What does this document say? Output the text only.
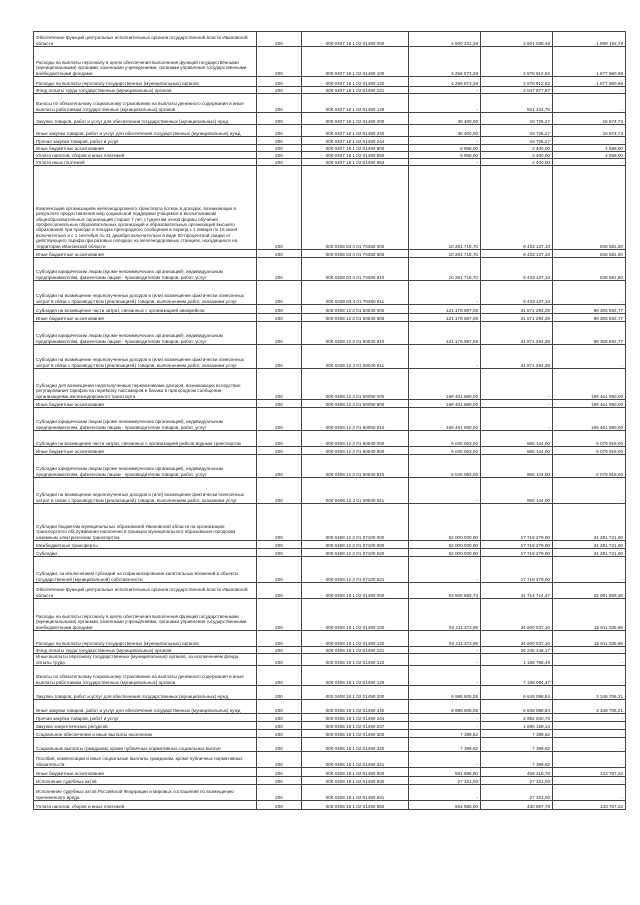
Обеспечение функций центральных исполнительных органов государственной власти Ивановской области	200	000 0407 18 1 02 01490 000	4 500 231,28	2 601 038,49	1 899 192,79
Расходы на выплаты персоналу в целях обеспечения выполнения функций государственными (муниципальными) органами, казенными учреждениями, органами управления государственными внебюджетными фондами	200	000 0407 18 1 02 01490 100	4 256 873,28	2 578 912,62	1 677 960,66
Расходы на выплаты персоналу государственных (муниципальных) органов	200	000 0407 18 1 02 01490 120	4 256 873,28	2 578 912,62	1 677 960,66
Фонд оплаты труда государственных (муниципальных) органов	200	000 0407 18 1 02 01490 121	-	2 047 677,87	-
Взносы по обязательному социальному страхованию на выплаты денежного содержания и иные выплаты работникам государственных (муниципальных) органов	200	000 0407 18 1 02 01490 129	-	531 234,75	-
Закупка товаров, работ и услуг для обеспечения государственных (муниципальных) нужд	200	000 0407 18 1 02 01490 200	36 400,00	19 725,27	16 674,73
Иные закупки товаров, работ и услуг для обеспечения государственных (муниципальных) нужд	200	000 0407 18 1 02 01490 240	36 400,00	19 725,27	16 674,73
Прочая закупка товаров, работ и услуг	200	000 0407 18 1 02 01490 244	-	19 725,27	-
Иные бюджетные ассигнования	200	000 0407 18 1 02 01490 800	6 958,00	2 400,00	4 558,00
Уплата налогов, сборов и иных платежей	200	000 0407 18 1 02 01490 850	6 958,00	2 400,00	4 558,00
Уплата иных платежей	200	000 0407 18 1 02 01490 853	-	2 400,00	-
Компенсация организациям железнодорожного транспорта потерь в доходах, возникающих в результате предоставления мер социальной поддержки учащимся и воспитанникам общеобразовательных организаций старше 7 лет, студентам очной формы обучения профессиональных образовательных организаций и образовательных организаций высшего образования при проезде в поездах пригородного сообщения в период с 1 января по 15 июня включительно и с 1 сентября по 31 декабря включительно в виде 50-процентной скидки от действующего тарифа при разовых поездках на железнодорожных станциях, находящихся на территории Ивановской области	200	000 0408 03 4 01 70380 000	10 281 718,70	9 433 137,10	848 581,60
Иные бюджетные ассигнования	200	000 0408 03 4 01 70380 800	10 281 718,70	9 433 137,10	848 581,60
Субсидии юридическим лицам (кроме некоммерческих организаций), индивидуальным предпринимателям, физическим лицам - производителям товаров, работ, услуг	200	000 0408 03 4 01 70380 810	10 281 718,70	9 433 137,10	848 581,60
Субсидии на возмещение недополученных доходов и (или) возмещение фактически понесенных затрат в связи с производством (реализацией) товаров, выполнением работ, оказанием услуг	200	000 0408 03 4 01 70380 811	-	9 433 137,10	-
Субсидия на возмещение части затрат, связанных с организацией авиарейсов	200	000 0408 12 2 01 60040 000	121 176 987,06	31 871 294,29	89 305 692,77
Иные бюджетные ассигнования	200	000 0408 12 2 01 60040 800	121 176 987,06	31 871 294,29	89 305 692,77
Субсидии юридическим лицам (кроме некоммерческих организаций), индивидуальным предпринимателям, физическим лицам - производителям товаров, работ, услуг	200	000 0408 12 2 01 60040 810	121 176 987,06	31 871 294,29	89 305 692,77
Субсидии на возмещение недополученных доходов и (или) возмещение фактически понесенных затрат в связи с производством (реализацией) товаров, выполнением работ, оказанием услуг	200	000 0408 12 2 01 60040 811	-	31 871 294,29	-
Субсидии для возмещения недополученных перевозчиками доходов, возникающих вследствие регулирования тарифов на перевозку пассажиров и багажа в пригородном сообщении, организациями железнодорожного транспорта	200	000 0408 12 2 01 60050 000	169 461 880,00	-	169 461 880,00
Иные бюджетные ассигнования	200	000 0408 12 2 01 60050 800	169 461 880,00	-	169 461 880,00
Субсидии юридическим лицам (кроме некоммерческих организаций), индивидуальным предпринимателям, физическим лицам - производителям товаров, работ, услуг	200	000 0408 12 2 01 60050 810	169 461 880,00	-	169 461 880,00
Субсидия на возмещение части затрат, связанных с организацией рейсов водным транспортом	200	000 0408 12 2 01 60540 000	6 045 063,00	965 144,00	5 079 919,00
Иные бюджетные ассигнования	200	000 0408 12 2 01 60540 800	6 045 063,00	965 144,00	5 079 919,00
Субсидии юридическим лицам (кроме некоммерческих организаций), индивидуальным предпринимателям, физическим лицам - производителям товаров, работ, услуг	200	000 0408 12 2 01 60540 810	6 045 063,00	965 144,00	5 079 919,00
Субсидии на возмещение недополученных доходов и (или) возмещение фактически понесенных затрат в связи с производством (реализацией) товаров, выполнением работ, оказанием услуг	200	000 0408 12 2 01 60540 811	-	965 144,00	-
Субсидии бюджетам муниципальных образований Ивановской области на организацию транспортного обслуживания населения в границах муниципального образования городским наземным электрическим транспортом	200	000 0408 12 2 01 87100 000	52 000 000,00	17 718 279,00	34 281 721,00
Межбюджетные трансферты	200	000 0408 12 2 01 87100 500	52 000 000,00	17 718 279,00	34 281 721,00
Субсидии	200	000 0408 12 2 01 87100 520	52 000 000,00	17 718 279,00	34 281 721,00
Субсидии, за исключением субсидий на софинансирование капитальных вложений в объекты государственной (муниципальной) собственности	200	000 0408 12 2 01 87100 521	-	17 718 279,00	-
Обеспечение функций центральных исполнительных органов государственной власти Ивановской области	200	000 0408 18 1 02 01490 000	63 806 583,73	41 714 714,37	22 091 869,36
Расходы на выплаты персоналу в целях обеспечения выполнения функций государственными (муниципальными) органами, казенными учреждениями, органами управления государственными внебюджетными фондами	200	000 0408 18 1 02 01490 100	53 211 373,06	34 600 037,10	18 611 335,96
Расходы на выплаты персоналу государственных (муниципальных) органов	200	000 0408 18 1 02 01490 120	53 211 373,06	34 600 037,10	18 611 335,96
Фонд оплаты труда государственных (муниципальных) органов	200	000 0408 18 1 02 01490 121	-	25 245 146,17	-
Иные выплаты персоналу государственных (муниципальных) органов, за исключением фонда оплаты труда	200	000 0408 18 1 02 01490 122	-	1 186 796,49	-
Взносы по обязательному социальному страхованию на выплаты денежного содержания и иные выплаты работникам государственных (муниципальных) органов	200	000 0408 18 1 02 01490 129	-	7 168 094,47	-
Закупка товаров, работ и услуг для обеспечения государственных (муниципальных) нужд	200	000 0408 18 1 02 01490 200	9 995 805,05	6 649 098,84	3 346 706,21
Иные закупки товаров, работ и услуг для обеспечения государственных (муниципальных) нужд	200	000 0408 18 1 02 01490 240	9 995 805,05	6 649 098,84	3 346 706,21
Прочая закупка товаров, работ и услуг	200	000 0408 18 1 02 01490 244	-	4 952 940,70	-
Закупка энергетических ресурсов	200	000 0408 18 1 02 01490 247	-	1 696 158,14	-
Социальное обеспечение и иные выплаты населению	200	000 0408 18 1 02 01490 300	7 399,62	7 399,62	-
Социальные выплаты гражданам, кроме публичных нормативных социальных выплат	200	000 0408 18 1 02 01490 320	7 399,62	7 399,62	-
Пособия, компенсации и иные социальные выплаты гражданам, кроме публичных нормативных обязательств	200	000 0408 18 1 02 01490 321	-	7 399,62	-
Иные бюджетные ассигнования	200	000 0408 18 1 02 01490 800	591 986,00	458 218,78	133 767,22
Исполнение судебных актов	200	000 0408 18 1 02 01490 830	27 321,00	27 321,00	-
Исполнение судебных актов Российской Федерации и мировых соглашений по возмещению причиненного вреда	200	000 0408 18 1 02 01490 831	-	27 321,00	-
Уплата налогов, сборов и иных платежей	200	000 0408 18 1 02 01490 850	564 665,00	430 897,78	133 767,22
